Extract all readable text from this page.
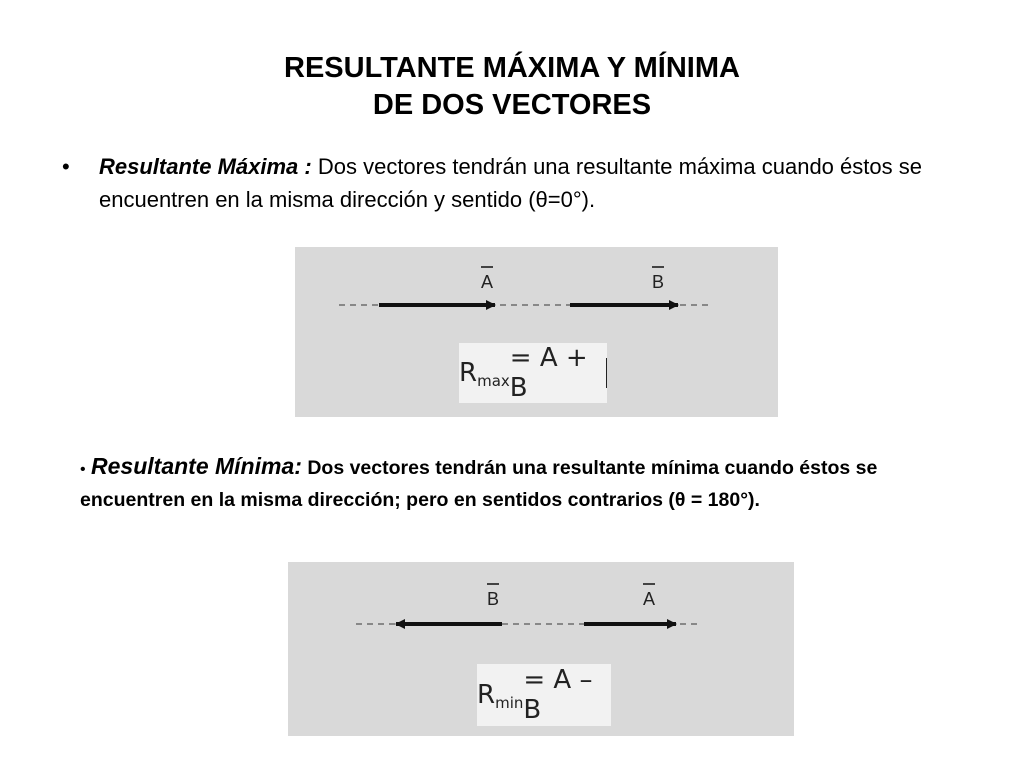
RESULTANTE MÁXIMA Y MÍNIMA
DE DOS VECTORES
• Resultante Máxima : Dos vectores tendrán una resultante máxima cuando éstos se encuentren en la misma dirección y sentido (θ=0°).
A	B
R max
= A + B
• Resultante Mínima: Dos vectores tendrán una resultante mínima cuando éstos se encuentren en la misma dirección; pero en sentidos contrarios (θ = 180°).
B	A
R min
= A – B
